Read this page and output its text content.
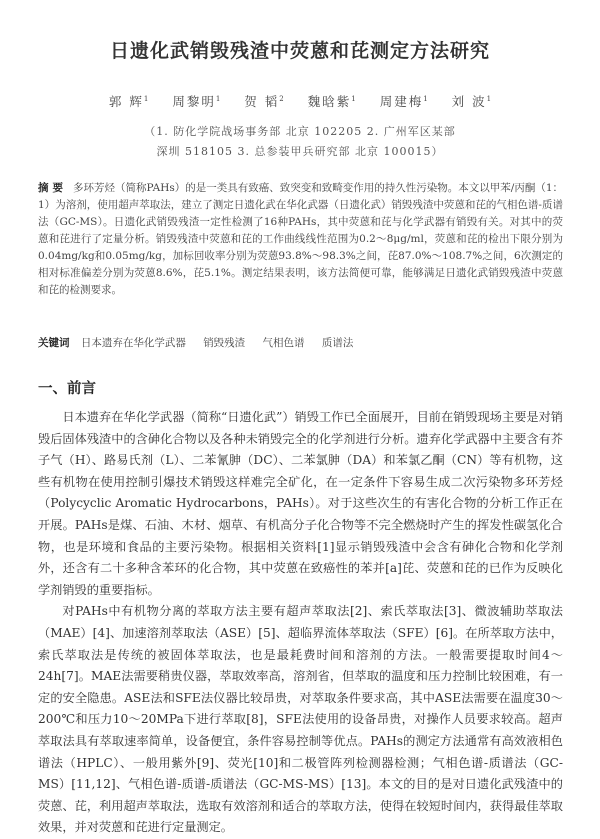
日遗化武销毁残渣中荧蒽和芘测定方法研究
郭 辉$^1$ 周黎明$^1$ 贺 韬$^2$ 魏晗紫$^1$ 周建梅$^1$ 刘 波$^1$
（1. 防化学院战场事务部 北京 102205 2. 广州军区某部
深圳 518105 3. 总参装甲兵研究部 北京 100015）
摘要 多环芳烃（简称PAHs）的是一类具有致癌、致突变和致畸变作用的持久性污染物。本文以甲苯/丙酮（1：1）为溶剂，使用超声萃取法，建立了测定日遗化武在华化武器（日遗化武）销毁残渣中荧蒽和芘的气相色谱-质谱法（GC-MS）。日遗化武销毁残渣一定性检测了16种PAHs，其中荧蒽和芘与化学武器有销毁有关。对其中的荧蒽和芘进行了定量分析。销毁残渣中荧蒽和芘的工作曲线线性范围为0.2～8μg/ml，荧蒽和芘的检出下限分别为0.04mg/kg和0.05mg/kg，加标回收率分别为荧蒽93.8%～98.3%之间，芘87.0%～108.7%之间，6次测定的相对标准偏差分别为荧蒽8.6%，芘5.1%。测定结果表明，该方法简便可靠，能够满足日遗化武销毁残渣中荧蒽和芘的检测要求。
关键词 日本遗弃在华化学武器 销毁残渣 气相色谱 质谱法
一、前言

日本遗弃在华化学武器（简称“日遗化武”）销毁工作已全面展开，目前在销毁现场主要是对销毁后固体残渣中的含砷化合物以及各种未销毁完全的化学剂进行分析。遗弃化学武器中主要含有芥子气（H）、路易氏剂（L）、二苯氰胂（DC）、二苯氯胂（DA）和苯氯乙酮（CN）等有机物，这些有机物在使用控制引爆技术销毁这样难完全矿化，在一定条件下容易生成二次污染物多环芳烃（Polycyclic Aromatic Hydrocarbons，PAHs）。对于这些次生的有害化合物的分析工作正在开展。PAHs是煤、石油、木材、烟草、有机高分子化合物等不完全燃烧时产生的挥发性碳氢化合物，也是环境和食品的主要污染物。根据相关资料[1]显示销毁残渣中会含有砷化合物和化学剂外，还含有二十多种含苯环的化合物，其中荧蒽在致癌性的苯并[a]芘、荧蒽和芘的已作为反映化学剂销毁的重要指标。

对PAHs中有机物分离的萃取方法主要有超声萃取法[2]、索氏萃取法[3]、微波辅助萃取法（MAE）[4]、加速溶剂萃取法（ASE）[5]、超临界流体萃取法（SFE）[6]。在所萃取方法中，索氏萃取法是传统的被固体萃取法，也是最耗费时间和溶剂的方法。一般需要提取时间4～24h[7]。MAE法需要稍贵仪器，萃取效率高，溶剂省，但萃取的温度和压力控制比较困难，有一定的安全隐患。ASE法和SFE法仪器比较昂贵，对萃取条件要求高，其中ASE法需要在温度30～200℃和压力10～20MPa下进行萃取[8]，SFE法使用的设备昂贵，对操作人员要求较高。超声萃取法具有萃取速率简单，设备便宜，条件容易控制等优点。PAHs的测定方法通常有高效液相色谱法（HPLC）、一般用紫外[9]、荧光[10]和二极管阵列检测器检测；气相色谱-质谱法（GC-MS）[11,12]、气相色谱-质谱-质谱法（GC-MS-MS）[13]。本文的目的是对日遗化武残渣中的荧蒽、芘，利用超声萃取法，选取有效溶剂和适合的萃取方法，使得在较短时间内，获得最佳萃取效果，并对荧蒽和芘进行定量测定。
